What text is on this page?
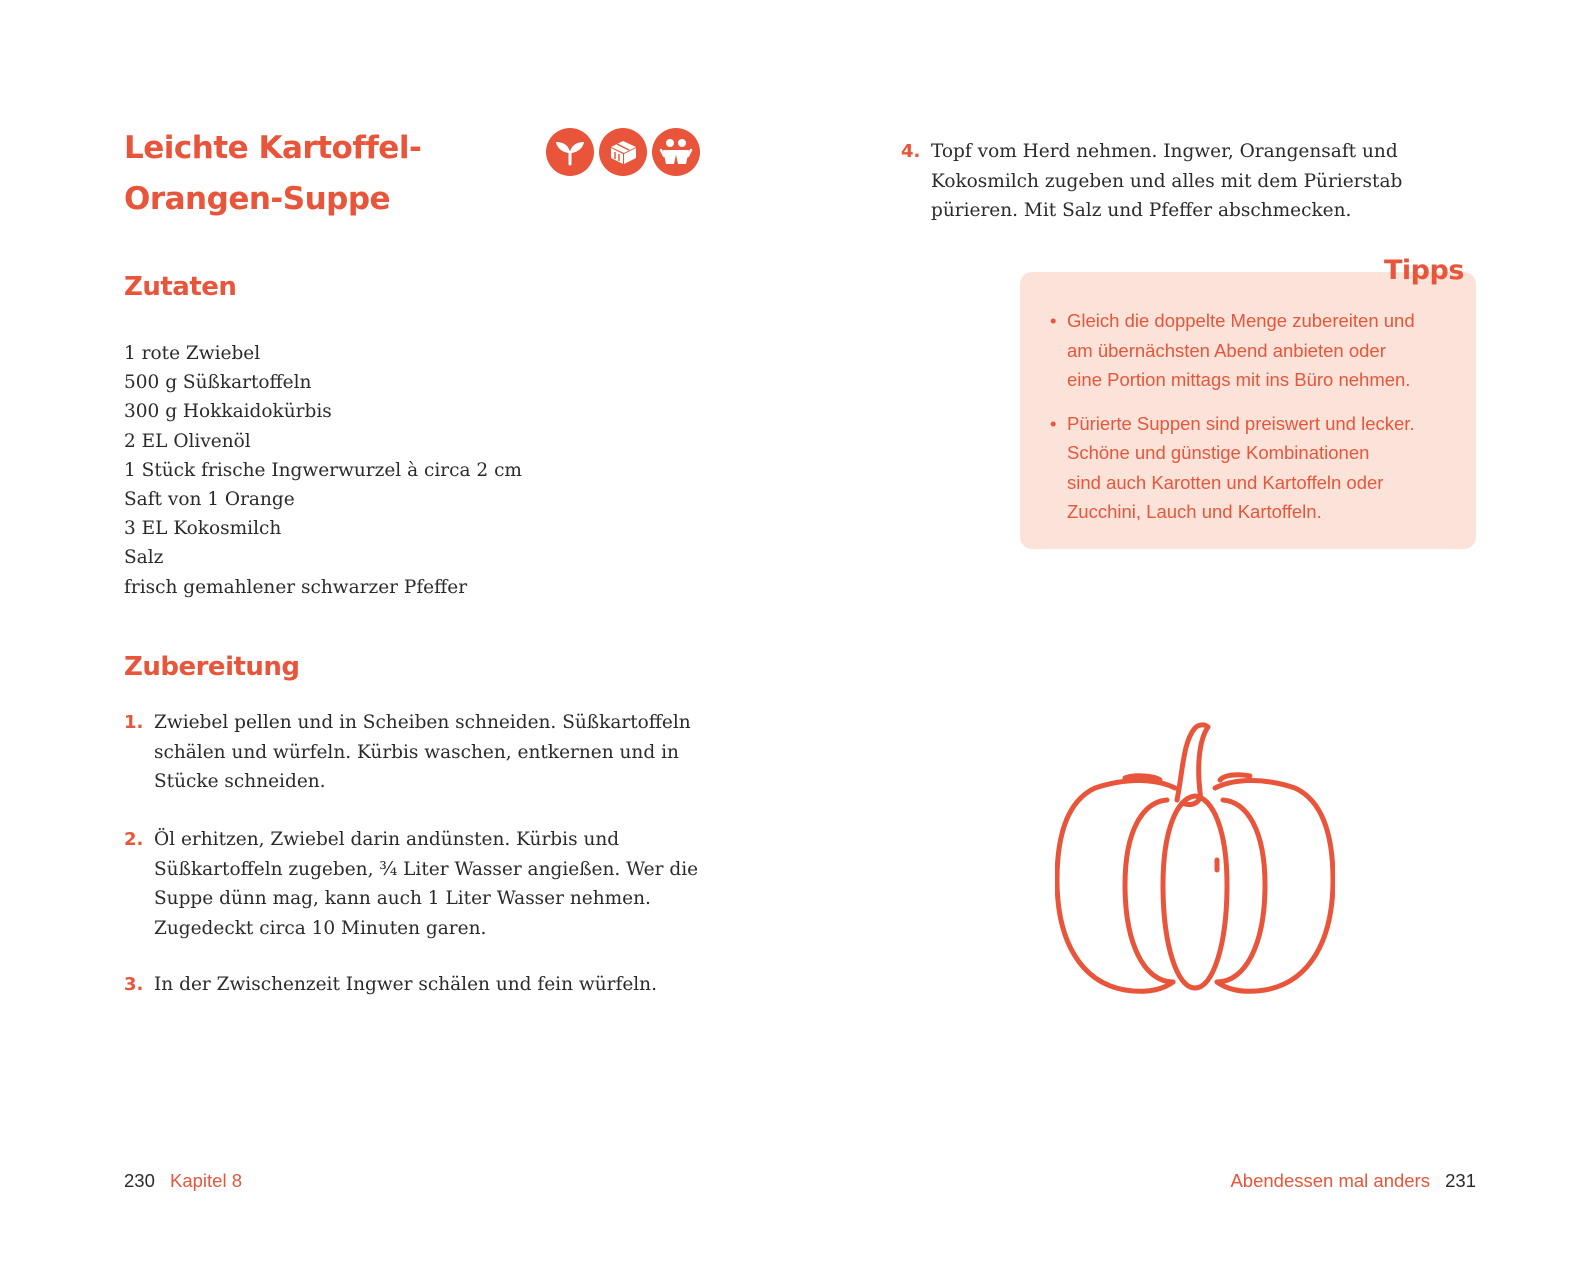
Leichte Kartoffel-
Orangen-Suppe
Zutaten
1 rote Zwiebel
500 g Süßkartoffeln
300 g Hokkaidokürbis
2 EL Olivenöl
1 Stück frische Ingwerwurzel à circa 2 cm
Saft von 1 Orange
3 EL Kokosmilch
Salz
frisch gemahlener schwarzer Pfeffer
Zubereitung
1. Zwiebel pellen und in Scheiben schneiden. Süßkartoffeln
schälen und würfeln. Kürbis waschen, entkernen und in
Stücke schneiden.
2. Öl erhitzen, Zwiebel darin andünsten. Kürbis und
Süßkartoffeln zugeben, ¾ Liter Wasser angießen. Wer die
Suppe dünn mag, kann auch 1 Liter Wasser nehmen.
Zugedeckt circa 10 Minuten garen.
3. In der Zwischenzeit Ingwer schälen und fein würfeln.
230 Kapitel 8
4. Topf vom Herd nehmen. Ingwer, Orangensaft und
Kokosmilch zugeben und alles mit dem Pürierstab
pürieren. Mit Salz und Pfeffer abschmecken.
Tipps
• Gleich die doppelte Menge zubereiten und
am übernächsten Abend anbieten oder
eine Portion mittags mit ins Büro nehmen.
• Pürierte Suppen sind preiswert und lecker.
Schöne und günstige Kombinationen
sind auch Karotten und Kartoffeln oder
Zucchini, Lauch und Kartoffeln.
Abendessen mal anders 231
